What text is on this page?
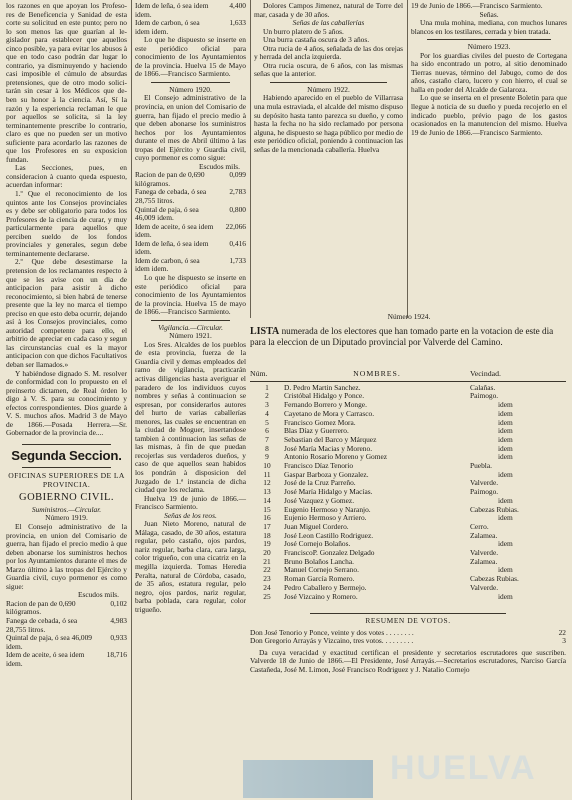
los razones en que apoyan los Profeso- res de Beneficencia y Sanidad de esta corte su solicitud en este punto; pero no lo son menos las que guarían al le- gislador para establecer que aquellos cinco posible, ya para evitar los abusos à que en todo caso podrán dar lugar lo contrario, ya disminuyendo y haciendo casi imposible el cúmulo de absurdas pretensiones, que de otro modo solici- tarán sin cesar à los Médicos que de- ben su honor à la ciencia. Así, Sí la razón y la esperiencia reclaman le que por aquellos se solicita, si la ley terminantemente prescribe lo contrario, claro es que no pueden ser un motivo suficiente para acordarlo las razones de que los Profesores en su exposicion fundan.

Las Secciones, pues, en consideracion à cuanto queda espuesto, acuerdan informar:

1.º Que el reconocimiento de los quintos ante los Consejos provinciales es y debe ser obligatorio para todos los Profesores de la ciencia de curar, y muy particularmente para aquellos que perciben sueldo de los fondos provinciales y generales, segun debe terminantemente declararse.

2.º Que debe desestimarse la pretension de los reclamantes respecto à que se les avise con un dia de anticipacion para asistir à dicho reconocimiento, si bien habrá de tenerse presente que la ley no marca el tiempo preciso en que esto deba ocurrir, dejando así à los Consejos provinciales, como autoridad competente para ello, el arbitrio de apreciar en cada caso y segun las circunstancias cual es la mayor anticipacion con que dichos Facultativos deban ser llamados.»

Y habiéndose dignado S. M. resolver de conformidad con lo propuesto en el preinserto dictamen, de Real órden lo digo à V. S. para su conocimiento y efectos correspondientes. Dios guarde à V. S. muchos años. Madrid 3 de Mayo de 1866.—Posada Herrera.—Sr. Gobernador de la provincia de....

Segunda Seccion.
OFICINAS SUPERIORES DE LA PROVINCIA.
GOBIERNO CIVIL.

Suministros.—Circular.

Número 1919.

El Consejo administrativo de la provincia, en union del Comisario de guerra, han fijado el precio medio à que deben abonarse los suministros hechos por los Ayuntamientos durante el mes de Marzo último à las tropas del Ejército y Guardia civil, cuyo pormenor es como sigue:

Escudos mils.

Racion de pan de 0,690 kilógramos.
0,102
Fanega de cebada, ó sea 28,755 litros.
4,983
Quintal de paja, ó sea 46,009 idem.
0,933
Idem de aceite, ó sea idem idem.
18,716
Idem de leña, ó sea idem idem.
4,400
Idem de carbon, ó sea idem idem.
1,633

Lo que he dispuesto se inserte en este periódico oficial para conocimiento de los Ayuntamientos de la provincia. Huelva 15 de Mayo de 1866.—Francisco Sarmiento.

Número 1920.

El Consejo administrativo de la provincia, en union del Comisario de guerra, han fijado el precio medio à que deben abonarse los suministros hechos por los Ayuntamientos durante el mes de Abril último à las tropas del Ejército y Guardia civil, cuyo pormenor es como sigue:

Escudos mils.

Racion de pan de 0,690 kilógramos.
0,099
Fanega de cebada, ó sea 28,755 litros.
2,783
Quintal de paja, ó sea 46,009 idem.
0,800
Idem de aceite, ó sea idem idem.
22,066
Idem de leña, ó sea idem idem.
0,416
Idem de carbon, ó sea idem idem.
1,733

Lo que he dispuesto se inserte en este periódico oficial para conocimiento de los Ayuntamientos de la provincia. Huelva 15 de mayo de 1866.—Francisco Sarmiento.

Vigilancia.—Circular.

Número 1921.

Los Sres. Alcaldes de los pueblos de esta provincia, fuerza de la Guardia civil y demas empleados del ramo de vigilancia, practicarán activas diligencias hasta averiguar el paradero de los individuos cuyos nombres y señas à continuacion se espresan, por considerarlos autores del hurto de varias caballerías menores, las cuales se encuentran en la ciudad de Moguer, insertandose tambien à continuacion las señas de las mismas, à fin de que puedan recojerlas sus verdaderos dueños, y caso de que aquellos sean habidos los pondrán à disposicion del Juzgado de 1.ª instancia de dicha ciudad que los reclama.

Huelva 19 de junio de 1866.—Francisco Sarmiento.

Señas de los reos.

Juan Nieto Moreno, natural de Málaga, casado, de 30 años, estatura regular, pelo castaño, ojos pardos, nariz regular, barba clara, cara larga, color trigueño, con una cicatriz en la megilla izquierda. Tomas Heredia Peralta, natural de Córdoba, casado, de 35 años, estatura regular, pelo negro, ojos pardos, nariz regular, barba poblada, cara regular, color trigueño.

Dolores Campos Jimenez, natural de Torre del mar, casada y de 30 años.

Señas de las caballerías

Un burro platero de 5 años.

Una burra castaña oscura de 3 años.

Otra rucia de 4 años, señalada de las dos orejas y herrada del ancla izquierda.

Otra rucia oscura, de 6 años, con las mismas señas que la anterior.

Número 1922.

Habiendo aparecido en el pueblo de Villarrasa una mula estraviada, el alcalde del mismo dispuso su depósito hasta tanto parezca su dueño, y como hasta la fecha no ha sido reclamado por persona alguna, he dispuesto se haga público por medio de este periódico oficial, poniendo à continuacion las señas de la mencionada caballería. Huelva

19 de Junio de 1866.—Francisco Sarmiento.

Señas.

Una mula mohina, mediana, con muchos lunares blancos en los testilares, cerrada y bien tratada.

Número 1923.

Por los guardias civiles del puesto de Cortegana ha sido encontrado un potro, al sitio denominado Tierras nuevas, término del Jabugo, como de dos años, castaño claro, lucero y con hierro, el cual se halla en poder del Alcalde de Galaroza.

Lo que se inserta en el presente Boletin para que llegue à noticia de su dueño y pueda recojerlo en el indicado pueblo, prévio pago de los gastos ocasionados en la manutencion del mismo. Huelva 19 de Junio de 1866.—Francisco Sarmiento.

Número 1924.
LISTA numerada de los electores que han tomado parte en la votacion de este dia para la eleccion de un Diputado provincial por Valverde del Camino.
Núm.	NOMBRES.	Vecindad.
1	D. Pedro Martin Sanchez.	Calañas.
2	Cristóbal Hidalgo y Ponce.	Paimogo.
3	Fernando Borrero y Monge.	idem
4	Cayetano de Mora y Carrasco.	idem
5	Francisco Gomez Mora.	idem
6	Blas Díaz y Guerrero.	idem
7	Sebastian del Barco y Márquez	idem
8	José María Macias y Moreno.	idem
9	Antonio Rosario Moreno y Gomez	idem
10	Francisco Díaz Tenorio	Puebla.
11	Gaspar Barboza y Gonzalez.	idem
12	José de la Cruz Parreño.	Valverde.
13	José María Hidalgo y Macías.	Paimogo.
14	José Vazquez y Gomez.	idem
15	Eugenio Hermoso y Naranjo.	Cabezas Rubias.
16	Eujenio Hermoso y Arriero.	idem
17	Juan Miguel Cordero.	Cerro.
18	José Leon Castillo Rodriguez.	Zalamea.
19	José Cornejo Bolaños.	idem
20	FranciscoP. Gonzalez Delgado	Valverde.
21	Bruno Bolaños Lancha.	Zalamea.
22	Manuel Cornejo Serrano.	idem
23	Roman García Romero.	Cabezas Rubias.
24	Pedro Caballero y Bermejo.	Valverde.
25	José Vizcaino y Romero.	idem
RESUMEN DE VOTOS.
Don José Tenorio y Ponce, veinte y dos votes . . . . . . . .	22
Don Gregorio Arrayás y Vizcaino, tres votos. . . . . . . . .	3

Da cuya veracidad y exactitud certifican el presidente y secretarios escrutadores que suscriben. Valverde 18 de Junio de 1866.—El Presidente, José Arrayás.—Secretarios escrutadores, Narciso García Castañeda, José M. Limon, José Francisco Rodriguez y J. Natalio Cornejo

HUELVA
